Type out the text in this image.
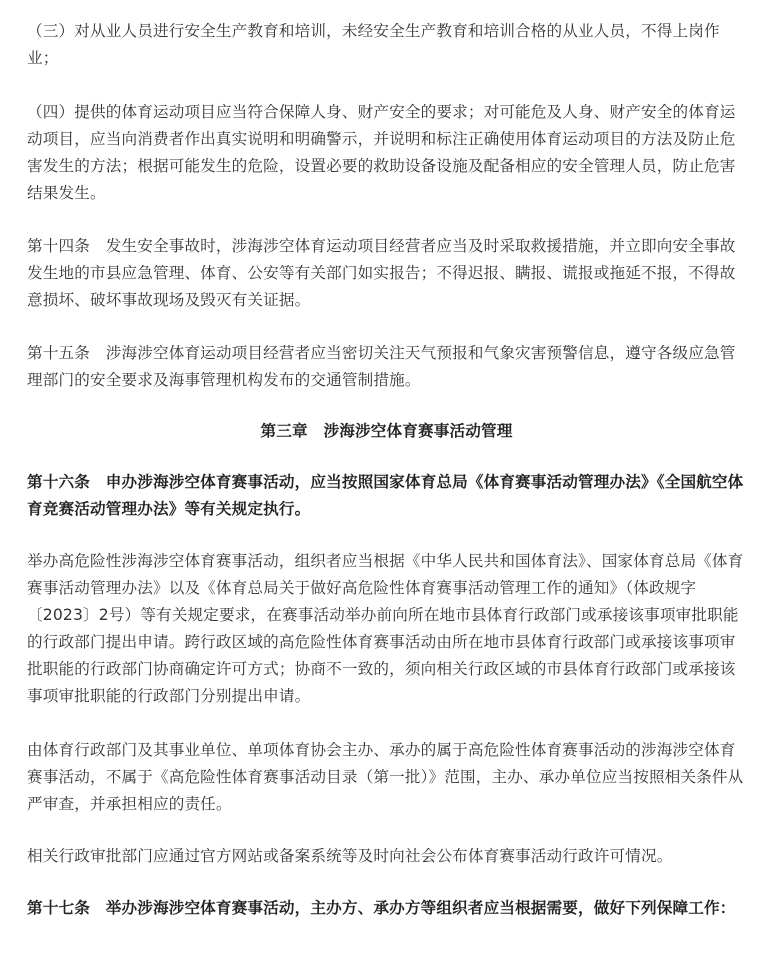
（三）对从业人员进行安全生产教育和培训，未经安全生产教育和培训合格的从业人员，不得上岗作业；

（四）提供的体育运动项目应当符合保障人身、财产安全的要求；对可能危及人身、财产安全的体育运动项目，应当向消费者作出真实说明和明确警示，并说明和标注正确使用体育运动项目的方法及防止危害发生的方法；根据可能发生的危险，设置必要的救助设备设施及配备相应的安全管理人员，防止危害结果发生。

第十四条　发生安全事故时，涉海涉空体育运动项目经营者应当及时采取救援措施，并立即向安全事故发生地的市县应急管理、体育、公安等有关部门如实报告；不得迟报、瞒报、谎报或拖延不报，不得故意损坏、破坏事故现场及毁灭有关证据。

第十五条　涉海涉空体育运动项目经营者应当密切关注天气预报和气象灾害预警信息，遵守各级应急管理部门的安全要求及海事管理机构发布的交通管制措施。

第三章　涉海涉空体育赛事活动管理

第十六条　申办涉海涉空体育赛事活动，应当按照国家体育总局《体育赛事活动管理办法》《全国航空体育竞赛活动管理办法》等有关规定执行。

举办高危险性涉海涉空体育赛事活动，组织者应当根据《中华人民共和国体育法》、国家体育总局《体育赛事活动管理办法》以及《体育总局关于做好高危险性体育赛事活动管理工作的通知》（体政规字〔2023〕2号）等有关规定要求，在赛事活动举办前向所在地市县体育行政部门或承接该事项审批职能的行政部门提出申请。跨行政区域的高危险性体育赛事活动由所在地市县体育行政部门或承接该事项审批职能的行政部门协商确定许可方式；协商不一致的，须向相关行政区域的市县体育行政部门或承接该事项审批职能的行政部门分别提出申请。

由体育行政部门及其事业单位、单项体育协会主办、承办的属于高危险性体育赛事活动的涉海涉空体育赛事活动，不属于《高危险性体育赛事活动目录（第一批）》范围，主办、承办单位应当按照相关条件从严审查，并承担相应的责任。

相关行政审批部门应通过官方网站或备案系统等及时向社会公布体育赛事活动行政许可情况。

第十七条　举办涉海涉空体育赛事活动，主办方、承办方等组织者应当根据需要，做好下列保障工作：
